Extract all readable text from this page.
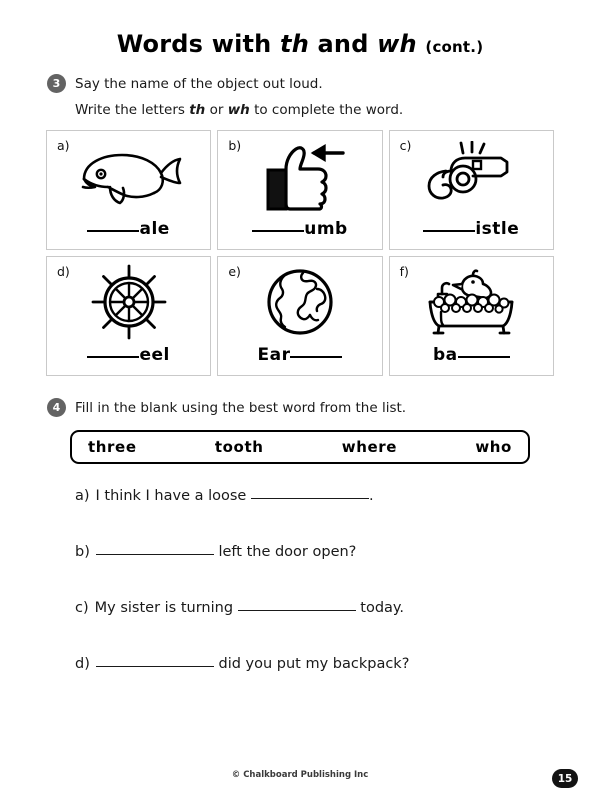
Words with th and wh (cont.)
3	Say the name of the object out loud.
Write the letters th or wh to complete the word.
a)
ale
b)
umb
c)
istle
d)
eel
e)
Ear
f)
ba
4	Fill in the blank using the best word from the list.
three	tooth	where	who
a) I think I have a loose	.
b)	left the door open?
c) My sister is turning	today.
d)	did you put my backpack?
© Chalkboard Publishing Inc	15
